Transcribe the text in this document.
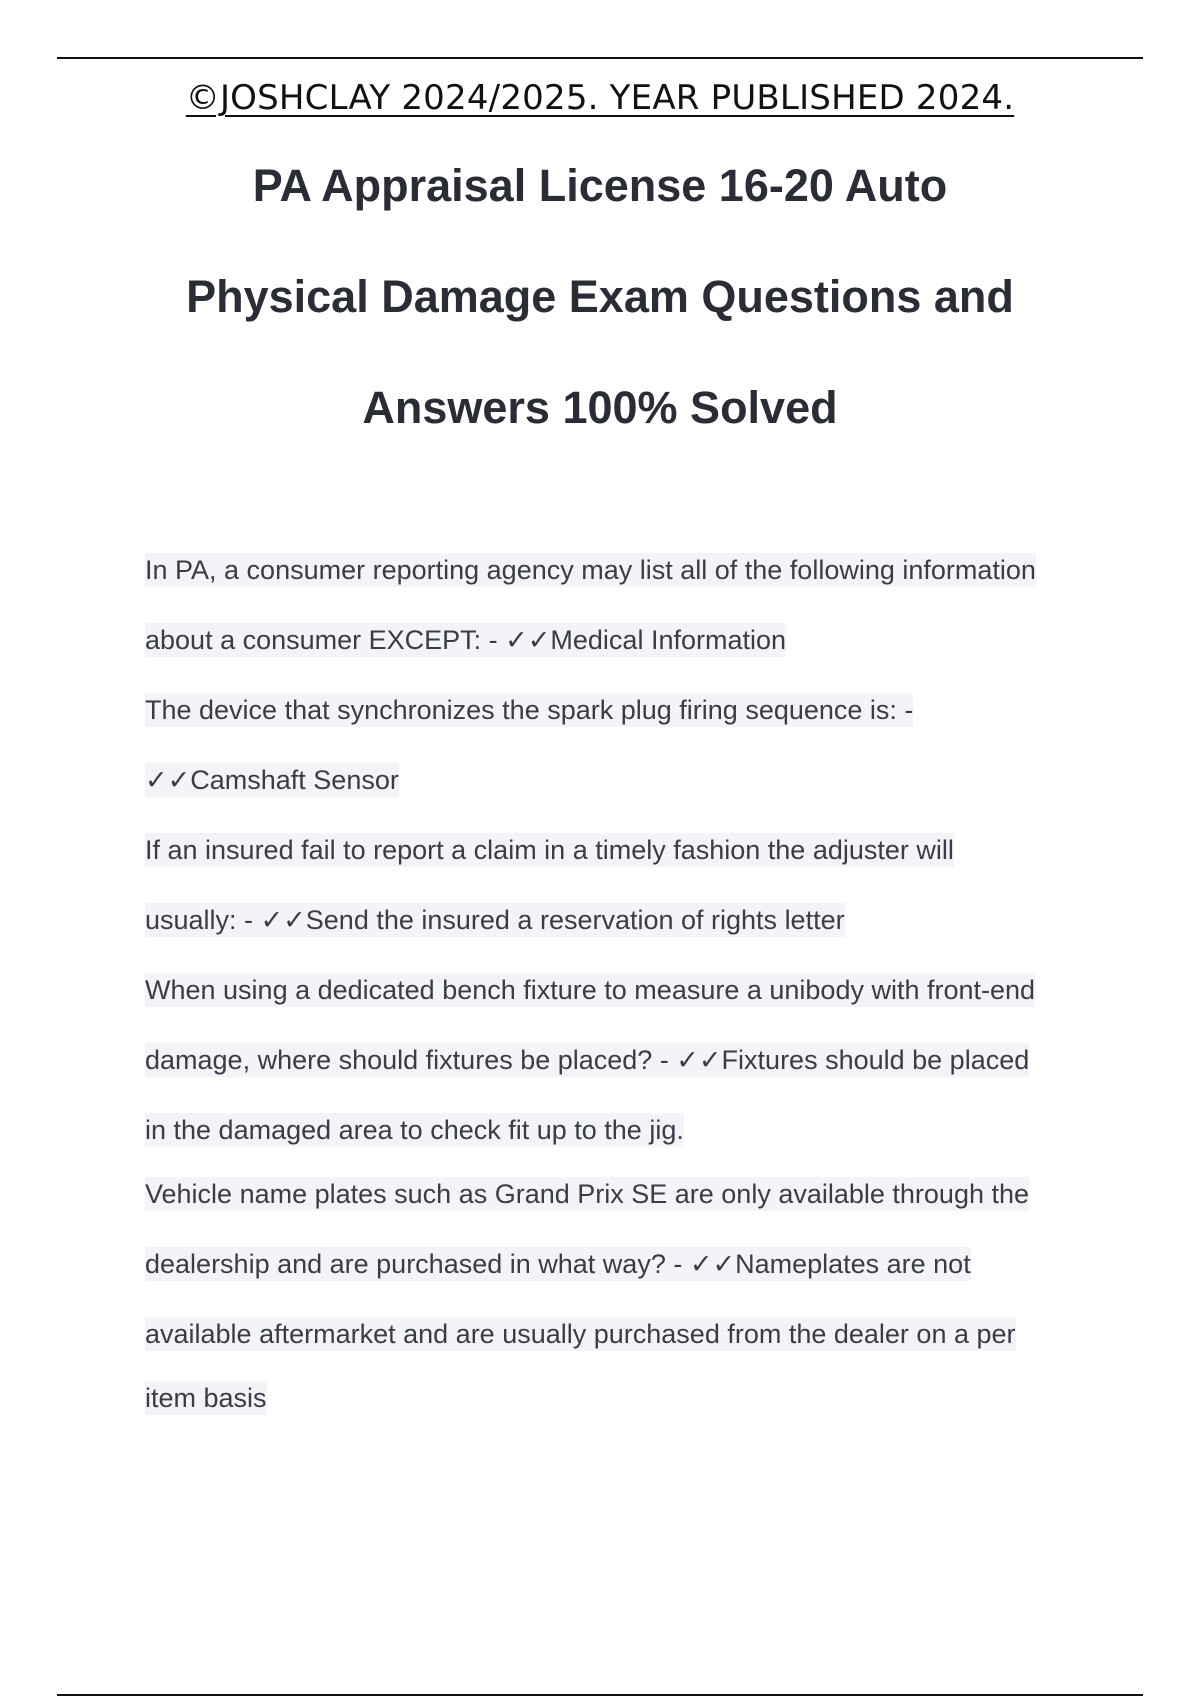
©JOSHCLAY 2024/2025. YEAR PUBLISHED 2024.
PA Appraisal License 16-20 Auto
Physical Damage Exam Questions and
Answers 100% Solved
In PA, a consumer reporting agency may list all of the following information
about a consumer EXCEPT: - ✓✓Medical Information
The device that synchronizes the spark plug firing sequence is: -
✓✓Camshaft Sensor
If an insured fail to report a claim in a timely fashion the adjuster will
usually: - ✓✓Send the insured a reservation of rights letter
When using a dedicated bench fixture to measure a unibody with front-end
damage, where should fixtures be placed? - ✓✓Fixtures should be placed
in the damaged area to check fit up to the jig.
Vehicle name plates such as Grand Prix SE are only available through the
dealership and are purchased in what way? - ✓✓Nameplates are not
available aftermarket and are usually purchased from the dealer on a per
item basis
